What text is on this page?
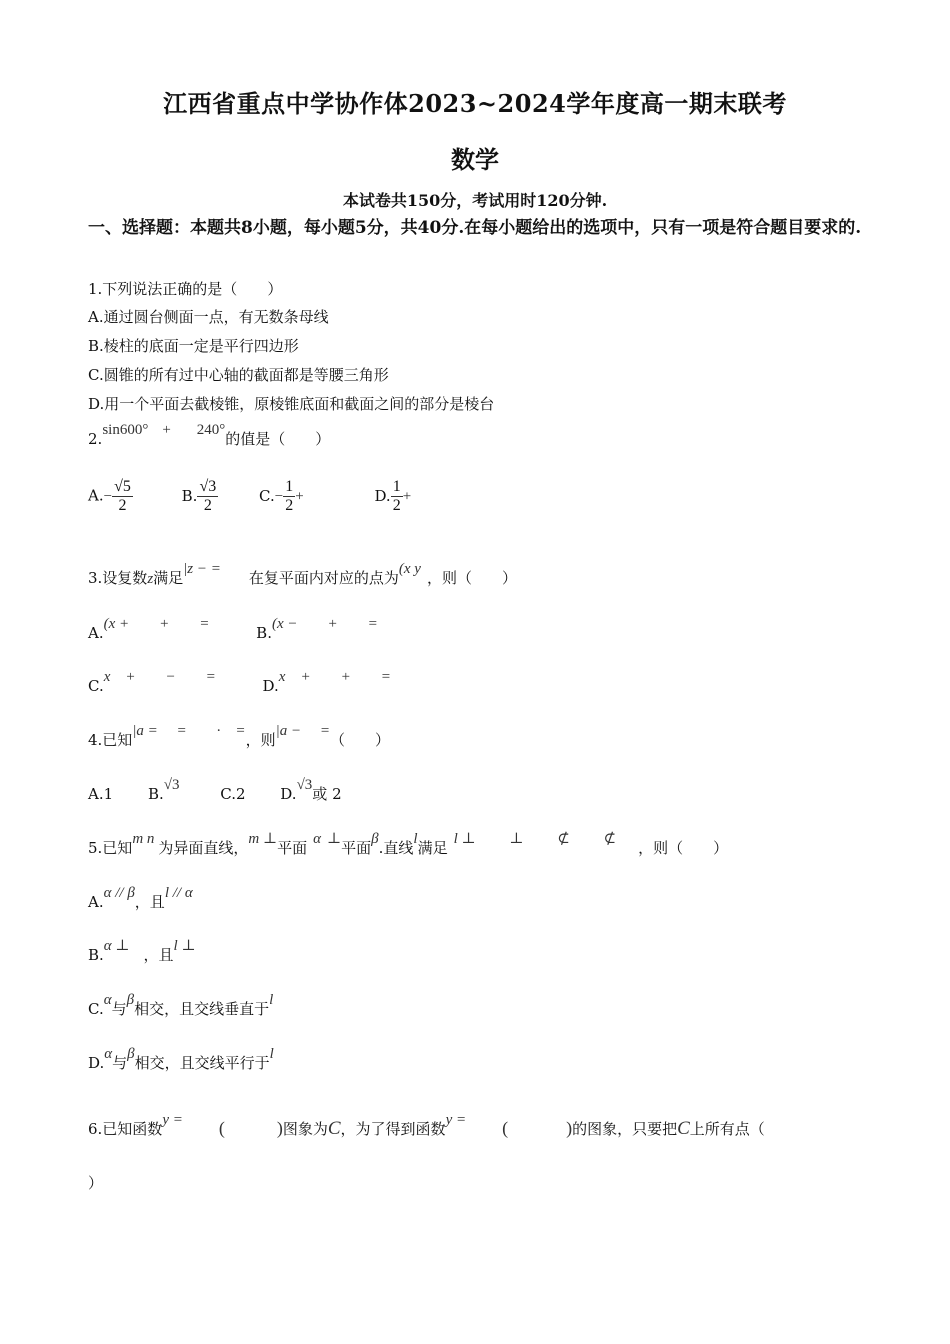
江西省重点中学协作体2023~2024学年度高一期末联考
数学
本试卷共150分，考试用时120分钟.
一、选择题：本题共8小题，每小题5分，共40分.在每小题给出的选项中，只有一项是符合题目要求的.
1.下列说法正确的是（　　）
A.通过圆台侧面一点，有无数条母线
B.棱柱的底面一定是平行四边形
C.圆锥的所有过中心轴的截面都是等腰三角形
D.用一个平面去截棱锥，原棱锥底面和截面之间的部分是棱台
2.sin600° + 240°的值是（　　）
$A.- \frac{√5}{2}$	B. $\frac{√3}{2}$	$C.- \frac{1}{2}$ +	D. $\frac{1}{2}$ +
3.设复数z满足|z − = 在复平面内对应的点为(x y ，则（　　）
A.(x +　　+　　=	B.(x −　　+　　=
C.x　+　　−　　=	D.x　+　　+　　=
4.已知|a =　 =　　·　=，则|a −　 =（　　）
A.1 B.√3	C.2 D.√3或 2
5.已知m n 为异面直线，m ⊥平面 α ⊥平面β.直线l满足 l ⊥　　 ⊥　　 ⊄　　 ⊄ ，则（　　）
A.α // β，且l // α
B.α ⊥ ，且l ⊥
C.α与β相交，且交线垂直于l
D.α与β相交，且交线平行于l
6.已知函数y = (	)图象为C，为了得到函数y = (	)的图象，只要把C上所有点（
）
